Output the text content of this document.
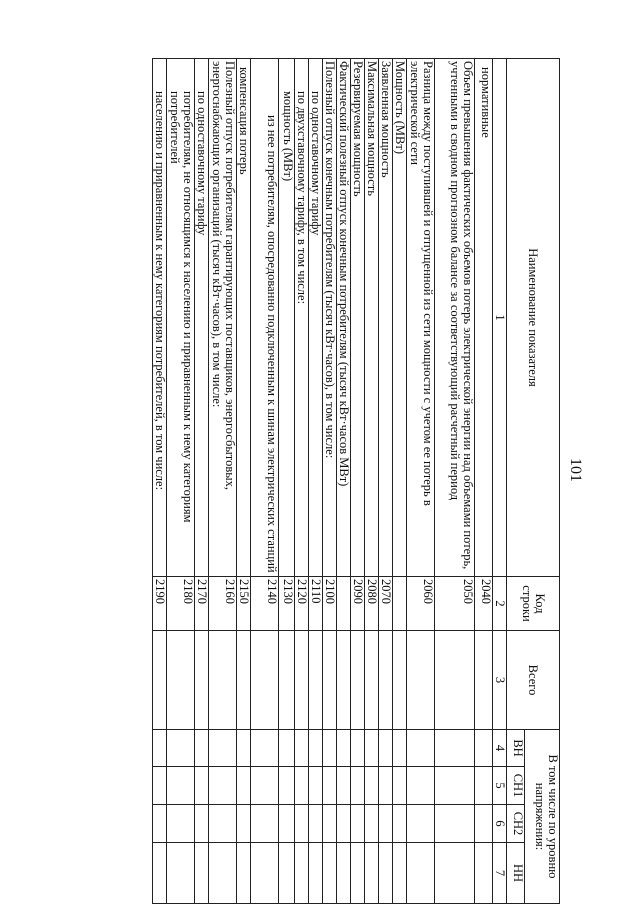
101
Наименование показателя	Код строки	Всего	В том числе по уровню напряжения:			
			ВН	СН1	СН2	НН
1	2	3	4	5	6	7
нормативные	2040					
Объем превышения фактических объемов потерь электрической энергии над объемами потерь, учтенными в сводном прогнозном балансе за соответствующий расчетный период	2050					
Разница между поступившей и отпущенной из сети мощности с учетом ее потерь в электрической сети	2060					
Мощность (МВт)						
Заявленная мощность	2070					
Максимальная мощность	2080					
Резервируемая мощность	2090					
Фактический полезный отпуск конечным потребителям (тысяч кВт·часов МВт)						
Полезный отпуск конечным потребителям (тысяч кВт·часов), в том числе:	2100					
по одноставочному тарифу	2110					
по двухставочному тарифу, в том числе:	2120					
мощность (МВт)	2130					
из нее потребителям, опосредованно подключенным к шинам электрических станций	2140					
компенсация потерь	2150					
Полезный отпуск потребителям гарантирующих поставщиков, энергосбытовых, энергоснабжающих организаций (тысяч кВт·часов), в том числе:	2160					
по одноставочному тарифу	2170					
потребителям, не относящимся к населению и приравненным к нему категориям потребителей	2180					
населению и приравненным к нему категориям потребителей, в том числе:	2190					
